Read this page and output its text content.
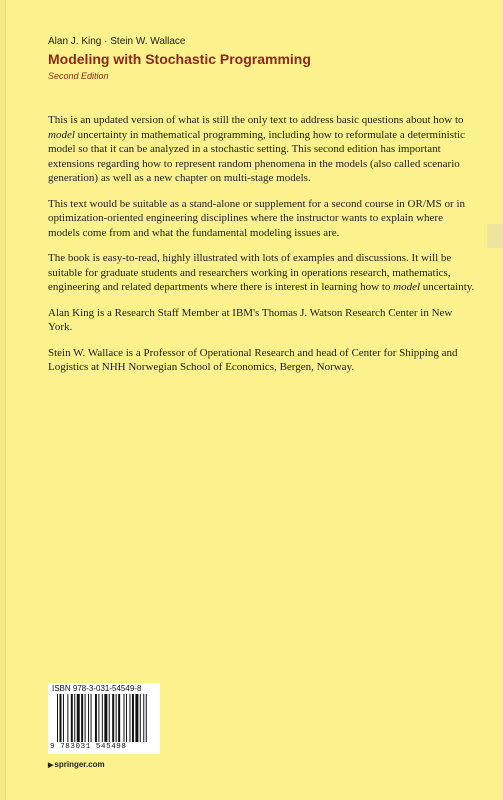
Alan J. King · Stein W. Wallace
Modeling with Stochastic Programming
Second Edition

This is an updated version of what is still the only text to address basic questions about how to model uncertainty in mathematical programming, including how to reformulate a deterministic model so that it can be analyzed in a stochastic setting. This second edition has important extensions regarding how to represent random phenomena in the models (also called scenario generation) as well as a new chapter on multi-stage models.

This text would be suitable as a stand-alone or supplement for a second course in OR/MS or in optimization-oriented engineering disciplines where the instructor wants to explain where models come from and what the fundamental modeling issues are.

The book is easy-to-read, highly illustrated with lots of examples and discussions. It will be suitable for graduate students and researchers working in operations research, mathematics, engineering and related departments where there is interest in learning how to model uncertainty.

Alan King is a Research Staff Member at IBM's Thomas J. Watson Research Center in New York.

Stein W. Wallace is a Professor of Operational Research and head of Center for Shipping and Logistics at NHH Norwegian School of Economics, Bergen, Norway.

ISBN 978-3-031-54549-8
9 783031 545498
▶springer.com
